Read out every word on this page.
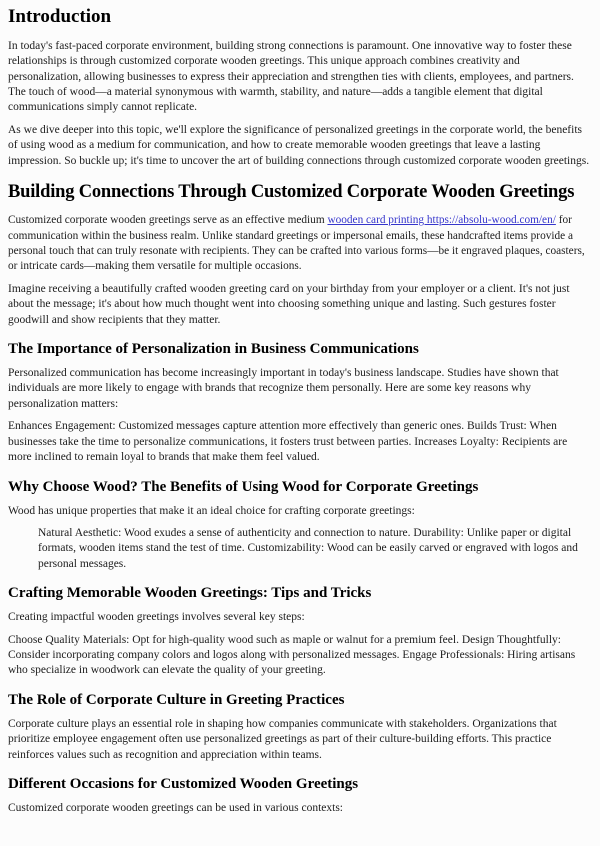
Introduction

In today's fast-paced corporate environment, building strong connections is paramount. One innovative way to foster these relationships is through customized corporate wooden greetings. This unique approach combines creativity and personalization, allowing businesses to express their appreciation and strengthen ties with clients, employees, and partners. The touch of wood—a material synonymous with warmth, stability, and nature—adds a tangible element that digital communications simply cannot replicate.

As we dive deeper into this topic, we'll explore the significance of personalized greetings in the corporate world, the benefits of using wood as a medium for communication, and how to create memorable wooden greetings that leave a lasting impression. So buckle up; it's time to uncover the art of building connections through customized corporate wooden greetings.

Building Connections Through Customized Corporate Wooden Greetings

Customized corporate wooden greetings serve as an effective medium wooden card printing https://absolu-wood.com/en/ for communication within the business realm. Unlike standard greetings or impersonal emails, these handcrafted items provide a personal touch that can truly resonate with recipients. They can be crafted into various forms—be it engraved plaques, coasters, or intricate cards—making them versatile for multiple occasions.

Imagine receiving a beautifully crafted wooden greeting card on your birthday from your employer or a client. It's not just about the message; it's about how much thought went into choosing something unique and lasting. Such gestures foster goodwill and show recipients that they matter.

The Importance of Personalization in Business Communications

Personalized communication has become increasingly important in today's business landscape. Studies have shown that individuals are more likely to engage with brands that recognize them personally. Here are some key reasons why personalization matters:

Enhances Engagement: Customized messages capture attention more effectively than generic ones. Builds Trust: When businesses take the time to personalize communications, it fosters trust between parties. Increases Loyalty: Recipients are more inclined to remain loyal to brands that make them feel valued.

Why Choose Wood? The Benefits of Using Wood for Corporate Greetings

Wood has unique properties that make it an ideal choice for crafting corporate greetings:

Natural Aesthetic: Wood exudes a sense of authenticity and connection to nature. Durability: Unlike paper or digital formats, wooden items stand the test of time. Customizability: Wood can be easily carved or engraved with logos and personal messages.
Crafting Memorable Wooden Greetings: Tips and Tricks

Creating impactful wooden greetings involves several key steps:

Choose Quality Materials: Opt for high-quality wood such as maple or walnut for a premium feel. Design Thoughtfully: Consider incorporating company colors and logos along with personalized messages. Engage Professionals: Hiring artisans who specialize in woodwork can elevate the quality of your greeting.

The Role of Corporate Culture in Greeting Practices

Corporate culture plays an essential role in shaping how companies communicate with stakeholders. Organizations that prioritize employee engagement often use personalized greetings as part of their culture-building efforts. This practice reinforces values such as recognition and appreciation within teams.

Different Occasions for Customized Wooden Greetings

Customized corporate wooden greetings can be used in various contexts:
